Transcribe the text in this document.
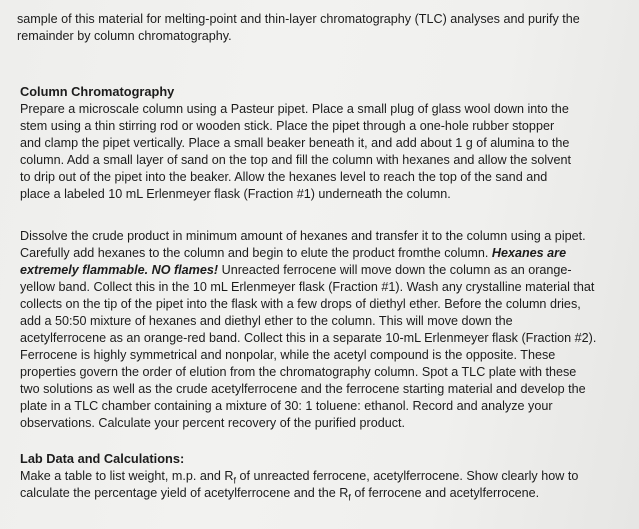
sample of this material for melting-point and thin-layer chromatography (TLC) analyses and purify the
remainder by column chromatography.
Column Chromatography
Prepare a microscale column using a Pasteur pipet. Place a small plug of glass wool down into the
stem using a thin stirring rod or wooden stick. Place the pipet through a one-hole rubber stopper
and clamp the pipet vertically. Place a small beaker beneath it, and add about 1 g of alumina to the
column. Add a small layer of sand on the top and fill the column with hexanes and allow the solvent
to drip out of the pipet into the beaker. Allow the hexanes level to reach the top of the sand and
place a labeled 10 mL Erlenmeyer flask (Fraction #1) underneath the column.
Dissolve the crude product in minimum amount of hexanes and transfer it to the column using a pipet.
Carefully add hexanes to the column and begin to elute the product fromthe column. Hexanes are
extremely flammable. NO flames! Unreacted ferrocene will move down the column as an orange-
yellow band. Collect this in the 10 mL Erlenmeyer flask (Fraction #1). Wash any crystalline material that
collects on the tip of the pipet into the flask with a few drops of diethyl ether. Before the column dries,
add a 50:50 mixture of hexanes and diethyl ether to the column. This will move down the
acetylferrocene as an orange-red band. Collect this in a separate 10-mL Erlenmeyer flask (Fraction #2).
Ferrocene is highly symmetrical and nonpolar, while the acetyl compound is the opposite. These
properties govern the order of elution from the chromatography column. Spot a TLC plate with these
two solutions as well as the crude acetylferrocene and the ferrocene starting material and develop the
plate in a TLC chamber containing a mixture of 30: 1 toluene: ethanol. Record and analyze your
observations. Calculate your percent recovery of the purified product.
Lab Data and Calculations:
Make a table to list weight, m.p. and $R_f$ of unreacted ferrocene, acetylferrocene. Show clearly how to
calculate the percentage yield of acetylferrocene and the $R_f$ of ferrocene and acetylferrocene.
